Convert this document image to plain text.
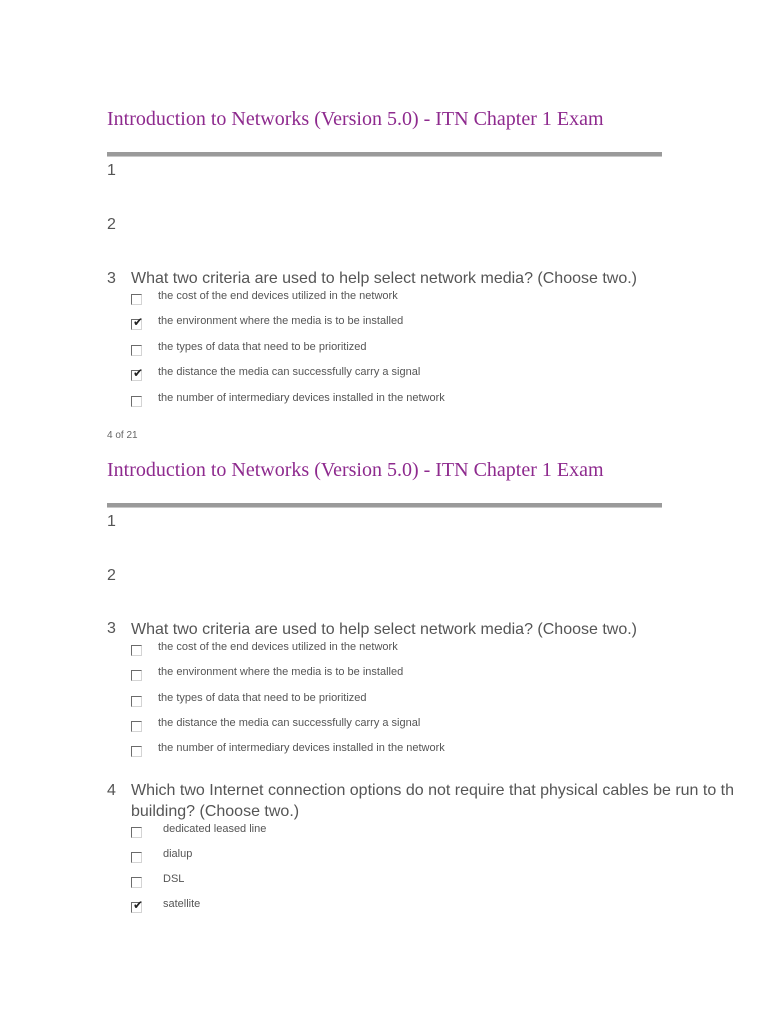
Introduction to Networks (Version 5.0) - ITN Chapter 1 Exam
1
2
3 What two criteria are used to help select network media? (Choose two.)
the cost of the end devices utilized in the network
✔ the environment where the media is to be installed
the types of data that need to be prioritized
✔ the distance the media can successfully carry a signal
the number of intermediary devices installed in the network
4 of 21
Introduction to Networks (Version 5.0) - ITN Chapter 1 Exam
1
2
3 What two criteria are used to help select network media? (Choose two.)
the cost of the end devices utilized in the network
the environment where the media is to be installed
the types of data that need to be prioritized
the distance the media can successfully carry a signal
the number of intermediary devices installed in the network
4 Which two Internet connection options do not require that physical cables be run to th
building? (Choose two.)
dedicated leased line
dialup
DSL
✔ satellite
